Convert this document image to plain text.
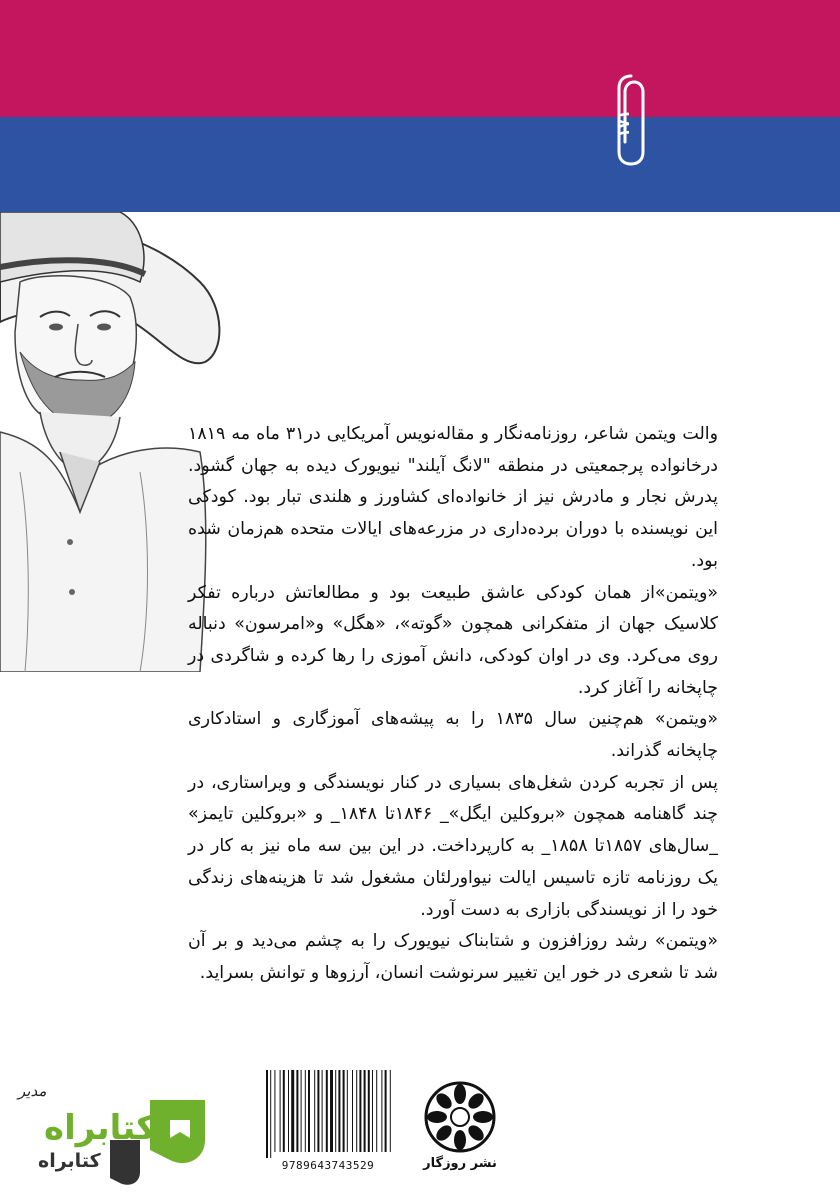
۱۷۱

والت ویتمن شاعر، روزنامه‌نگار و مقاله‌نویس آمریکایی در۳۱ ماه مه ۱۸۱۹ درخانواده پرجمعیتی در منطقه "لانگ آیلند" نیویورک دیده به جهان گشود. پدرش نجار و مادرش نیز از خانواده‌ای کشاورز و هلندی تبار بود. کودکی این نویسنده با دوران برده‌داری در مزرعه‌های ایالات متحده هم‌زمان شده بود.

«ویتمن»از همان کودکی عاشق طبیعت بود و مطالعاتش درباره تفکر کلاسیک جهان از متفکرانی همچون «گوته»، «هگل» و«امرسون» دنباله روی می‌کرد. وی در اوان کودکی، دانش آموزی را رها کرده و شاگردی در چاپخانه را آغاز کرد.

«ویتمن» هم‌چنین سال ۱۸۳۵ را به پیشه‌های آموزگاری و استادکاری چاپخانه گذراند.

پس از تجربه کردن شغل‌های بسیاری در کنار نویسندگی و ویراستاری، در چند گاهنامه همچون «بروکلین ایگل»_ ۱۸۴۶تا ۱۸۴۸_ و «بروکلین تایمز» _سال‌های ۱۸۵۷تا ۱۸۵۸_ به کارپرداخت. در این بین سه ماه نیز به کار در یک روزنامه تازه تاسیس ایالت نیواورلئان مشغول شد تا هزینه‌های زندگی خود را از نویسندگی بازاری به دست آورد.

«ویتمن» رشد روزافزون و شتابناک نیویورک را به چشم می‌دید و بر آن شد تا شعری در خور این تغییر سرنوشت انسان، آرزوها و توانش بسراید.

مدیر
کتابراه
کتابراه	9789643743529	نشر روزگار
